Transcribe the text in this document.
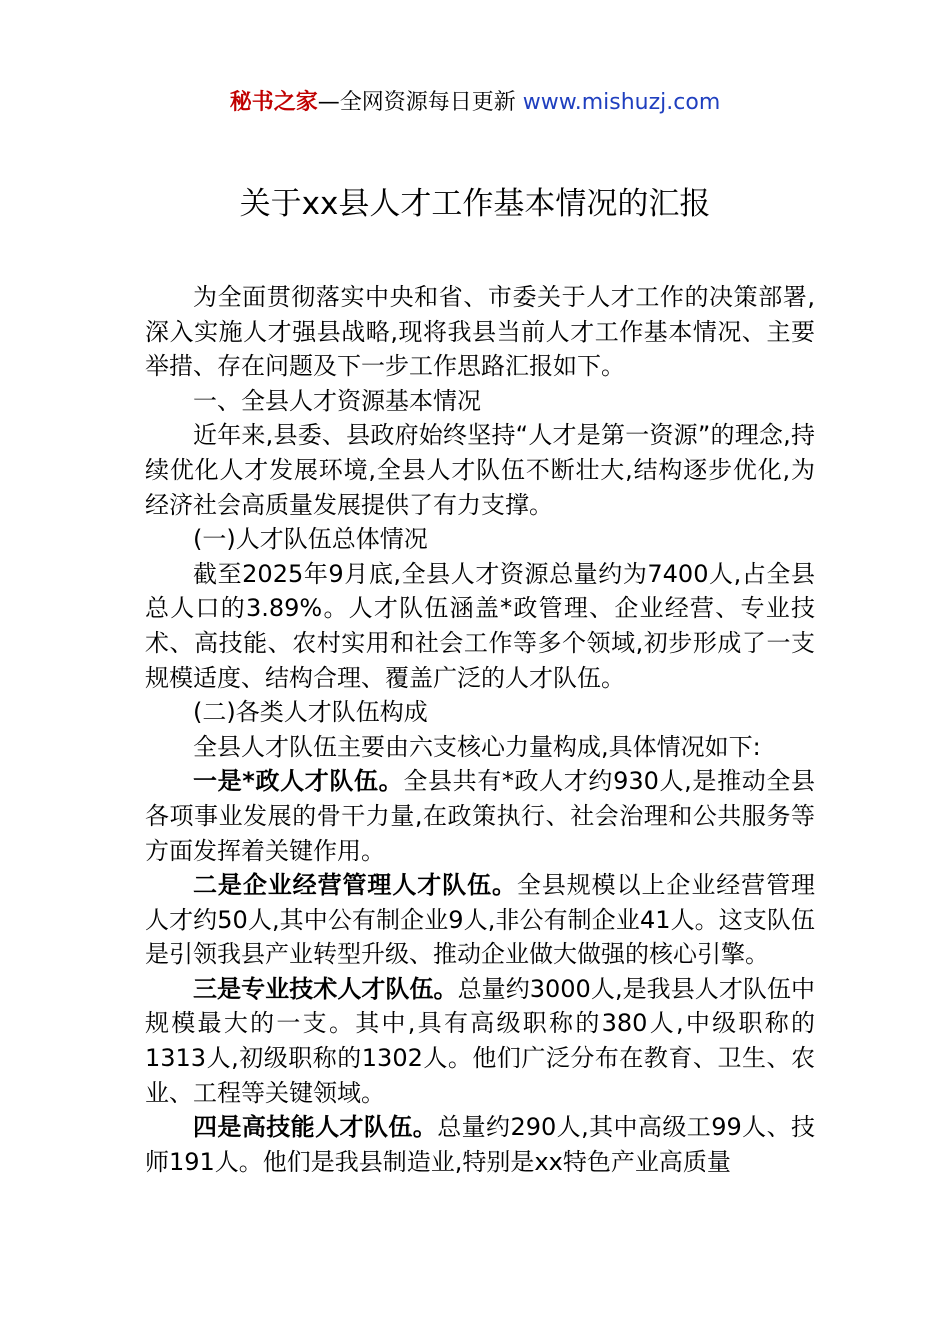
秘书之家—全网资源每日更新 www.mishuzj.com
关于xx县人才工作基本情况的汇报

为全面贯彻落实中央和省、市委关于人才工作的决策部署,深入实施人才强县战略,现将我县当前人才工作基本情况、主要举措、存在问题及下一步工作思路汇报如下。

一、全县人才资源基本情况

近年来,县委、县政府始终坚持“人才是第一资源”的理念,持续优化人才发展环境,全县人才队伍不断壮大,结构逐步优化,为经济社会高质量发展提供了有力支撑。

(一)人才队伍总体情况

截至2025年9月底,全县人才资源总量约为7400人,占全县总人口的3.89%。人才队伍涵盖*政管理、企业经营、专业技术、高技能、农村实用和社会工作等多个领域,初步形成了一支规模适度、结构合理、覆盖广泛的人才队伍。

(二)各类人才队伍构成

全县人才队伍主要由六支核心力量构成,具体情况如下:

一是*政人才队伍。全县共有*政人才约930人,是推动全县各项事业发展的骨干力量,在政策执行、社会治理和公共服务等方面发挥着关键作用。

二是企业经营管理人才队伍。全县规模以上企业经营管理人才约50人,其中公有制企业9人,非公有制企业41人。这支队伍是引领我县产业转型升级、推动企业做大做强的核心引擎。

三是专业技术人才队伍。总量约3000人,是我县人才队伍中规模最大的一支。其中,具有高级职称的380人,中级职称的1313人,初级职称的1302人。他们广泛分布在教育、卫生、农业、工程等关键领域。

四是高技能人才队伍。总量约290人,其中高级工99人、技师191人。他们是我县制造业,特别是xx特色产业高质量
